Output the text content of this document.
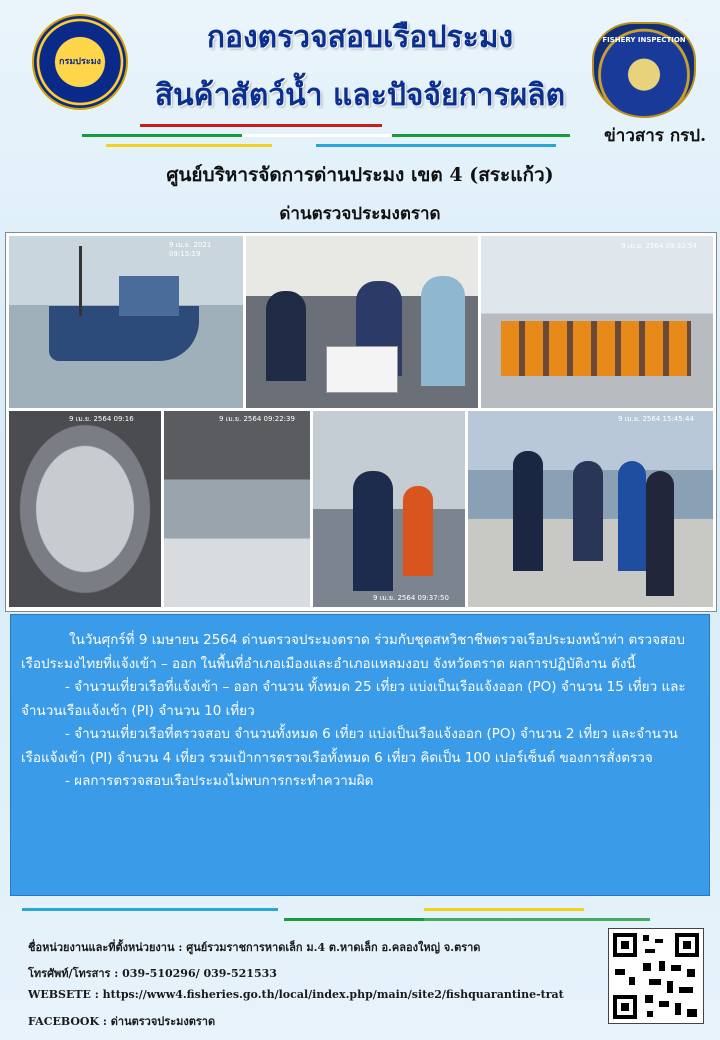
กรมประมง
FISHERY INSPECTION
กองตรวจสอบเรือประมง
สินค้าสัตว์น้ำ และปัจจัยการผลิต
ข่าวสาร กรป.
ศูนย์บริหารจัดการด่านประมง เขต 4 (สระแก้ว)
ด่านตรวจประมงตราด
9 เม.ย. 2021 09:15:19
9 เม.ย. 2564 09:32:54
9 เม.ย. 2564 09:16	9 เม.ย. 2564 09:22:39
9 เม.ย. 2564 09:37:50
9 เม.ย. 2564 15:45:44

ในวันศุกร์ที่ 9 เมษายน 2564 ด่านตรวจประมงตราด ร่วมกับชุดสหวิชาชีพตรวจเรือประมงหน้าท่า ตรวจสอบเรือประมงไทยที่แจ้งเข้า – ออก ในพื้นที่อำเภอเมืองและอำเภอแหลมงอบ จังหวัดตราด ผลการปฏิบัติงาน ดังนี้

- จำนวนเที่ยวเรือที่แจ้งเข้า – ออก จำนวน ทั้งหมด 25 เที่ยว แบ่งเป็นเรือแจ้งออก (PO) จำนวน 15 เที่ยว และจำนวนเรือแจ้งเข้า (PI) จำนวน 10 เที่ยว

- จำนวนเที่ยวเรือที่ตรวจสอบ จำนวนทั้งหมด 6 เที่ยว แบ่งเป็นเรือแจ้งออก (PO) จำนวน 2 เที่ยว และจำนวนเรือแจ้งเข้า (PI) จำนวน 4 เที่ยว รวมเป้าการตรวจเรือทั้งหมด 6 เที่ยว คิดเป็น 100 เปอร์เซ็นต์ ของการสั่งตรวจ

- ผลการตรวจสอบเรือประมงไม่พบการกระทำความผิด

ชื่อหน่วยงานและที่ตั้งหน่วยงาน : ศูนย์รวมราชการหาดเล็ก ม.4 ต.หาดเล็ก อ.คลองใหญ่ จ.ตราด
โทรศัพท์/โทรสาร : 039-510296/ 039-521533
WEBSETE : https://www4.fisheries.go.th/local/index.php/main/site2/fishquarantine-trat
FACEBOOK : ด่านตรวจประมงตราด
